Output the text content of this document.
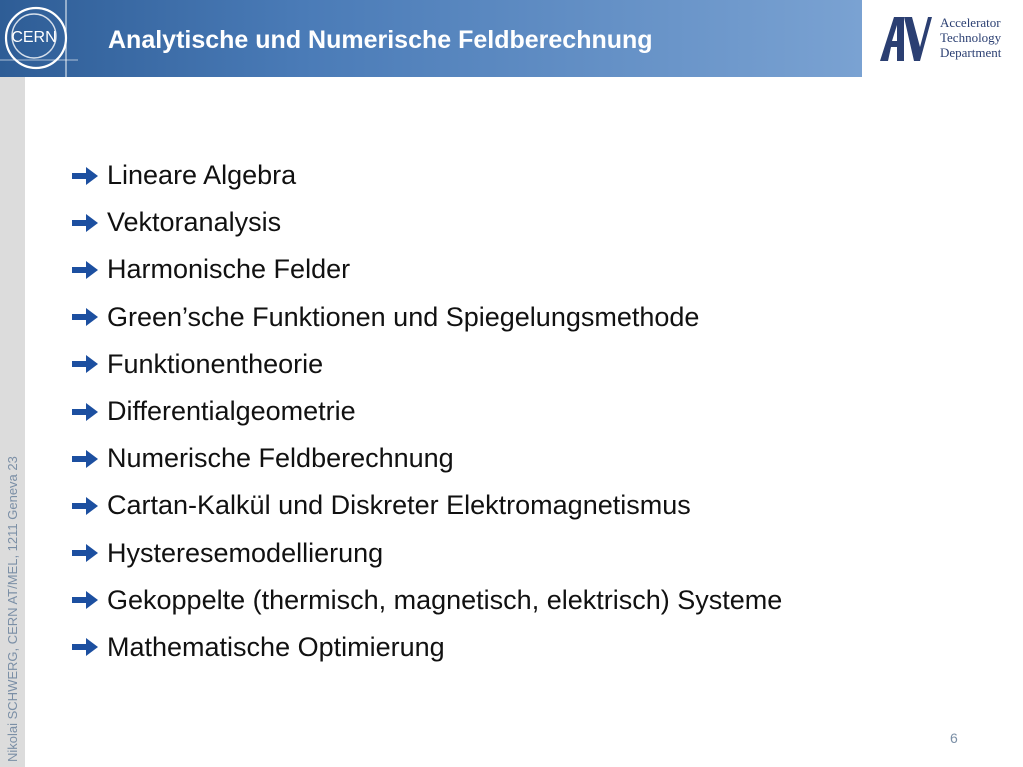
CERN Analytische und Numerische Feldberechnung
Accelerator
Technology
Department
Nikolai SCHWERG, CERN AT/MEL, 1211 Geneva 23
Lineare Algebra
Vektoranalysis
Harmonische Felder
Green’sche Funktionen und Spiegelungsmethode
Funktionentheorie
Differentialgeometrie
Numerische Feldberechnung
Cartan-Kalkül und Diskreter Elektromagnetismus
Hysteresemodellierung
Gekoppelte (thermisch, magnetisch, elektrisch) Systeme
Mathematische Optimierung
6
